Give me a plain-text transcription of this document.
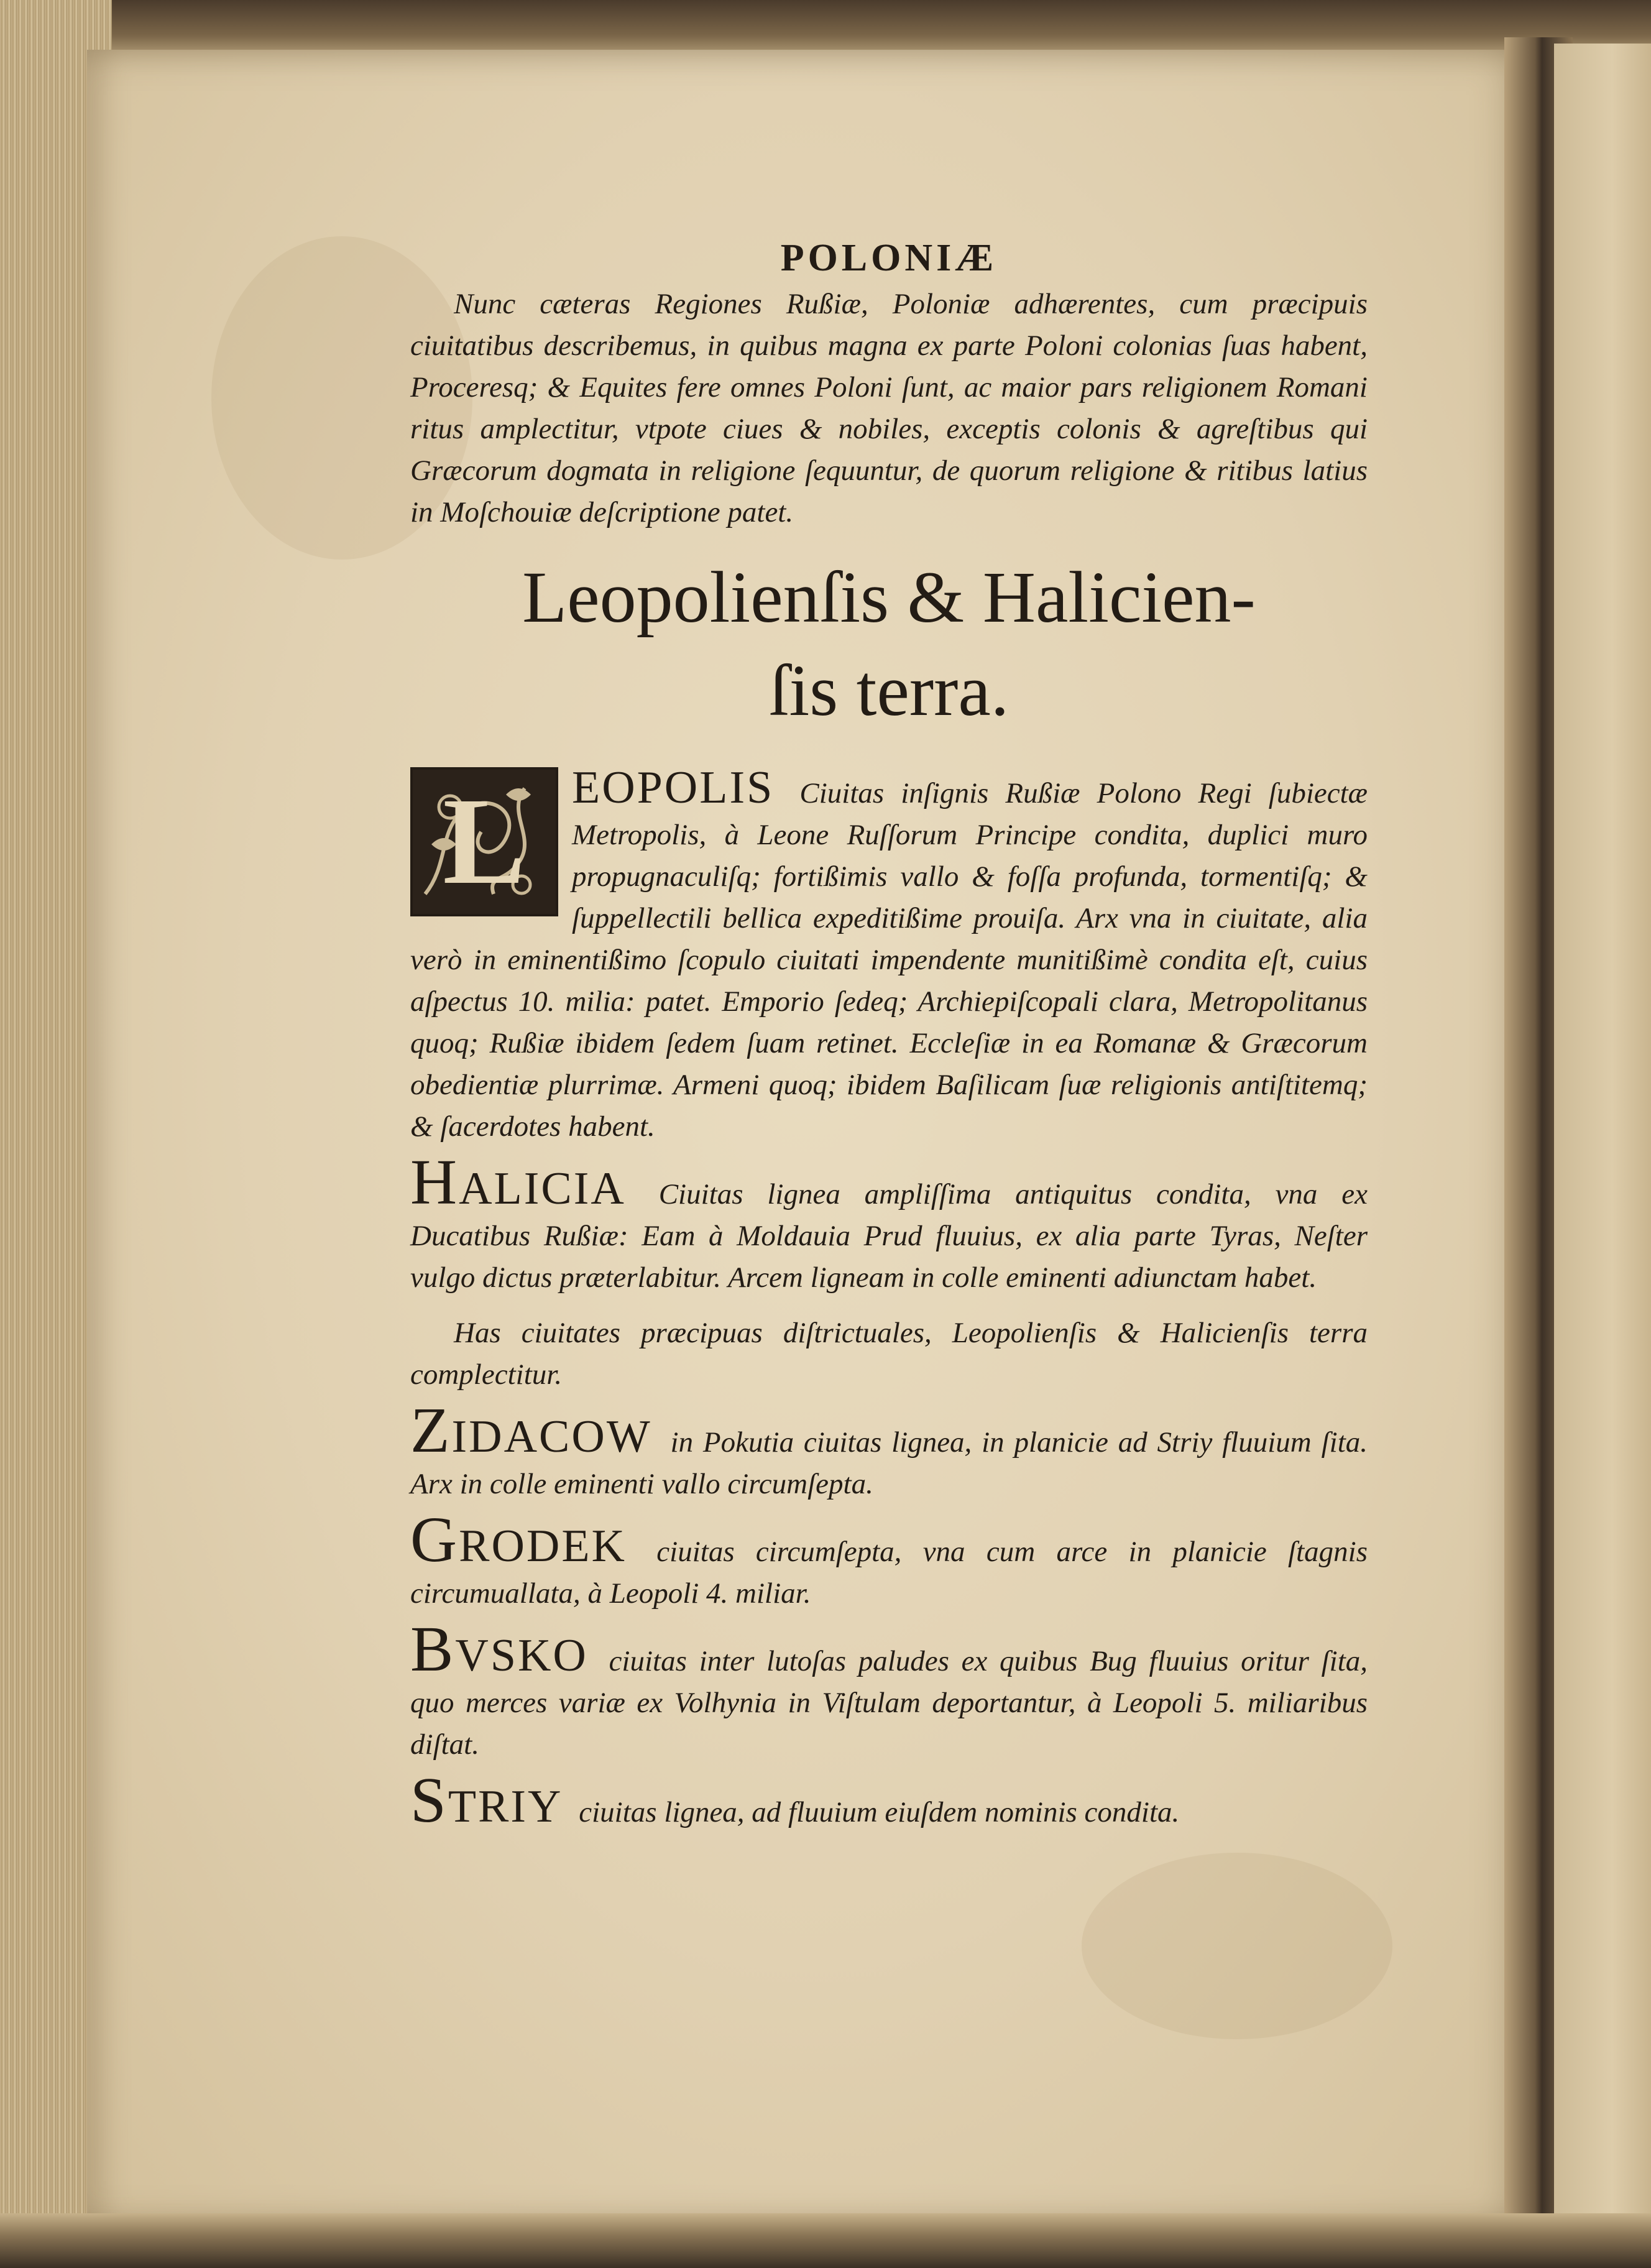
POLONIÆ

Nunc cæteras Regiones Rußiæ, Poloniæ adhærentes, cum præcipuis ciuitatibus describemus, in quibus magna ex parte Poloni colonias ſuas habent, Proceresq; & Equites fere omnes Poloni ſunt, ac maior pars religionem Romani ritus amplectitur, vtpote ciues & nobiles, exceptis colonis & agreſtibus qui Græcorum dogmata in religione ſequuntur, de quorum religione & ritibus latius in Moſchouiæ deſcriptione patet.

Leopolienſis & Halicien-
ſis terra.

L	EOPOLIS Ciuitas inſignis Rußiæ Polono Regi ſubiectæ Metropolis, à Leone Ruſſorum Principe condita, duplici muro propugnaculiſq; fortißimis vallo & foſſa profunda, tormentiſq; & ſuppellectili bellica expeditißime prouiſa. Arx vna in ciuitate, alia verò in eminentißimo ſcopulo ciuitati impendente munitißimè condita eſt, cuius aſpectus 10. milia: patet. Emporio ſedeq; Archiepiſcopali clara, Metropolitanus quoq; Rußiæ ibidem ſedem ſuam retinet. Eccleſiæ in ea Romanæ & Græcorum obedientiæ plurrimæ. Armeni quoq; ibidem Baſilicam ſuæ religionis antiſtitemq; & ſacerdotes habent.

HALICIA Ciuitas lignea ampliſſima antiquitus condita, vna ex Ducatibus Rußiæ: Eam à Moldauia Prud fluuius, ex alia parte Tyras, Neſter vulgo dictus præterlabitur. Arcem ligneam in colle eminenti adiunctam habet.

Has ciuitates præcipuas diſtrictuales, Leopolienſis & Halicienſis terra complectitur.

ZIDACOW in Pokutia ciuitas lignea, in planicie ad Striy fluuium ſita. Arx in colle eminenti vallo circumſepta.

GRODEK ciuitas circumſepta, vna cum arce in planicie ſtagnis circumuallata, à Leopoli 4. miliar.

BVSKO ciuitas inter lutoſas paludes ex quibus Bug fluuius oritur ſita, quo merces variæ ex Volhynia in Viſtulam deportantur, à Leopoli 5. miliaribus diſtat.

STRIY ciuitas lignea, ad fluuium eiuſdem nominis condita.
